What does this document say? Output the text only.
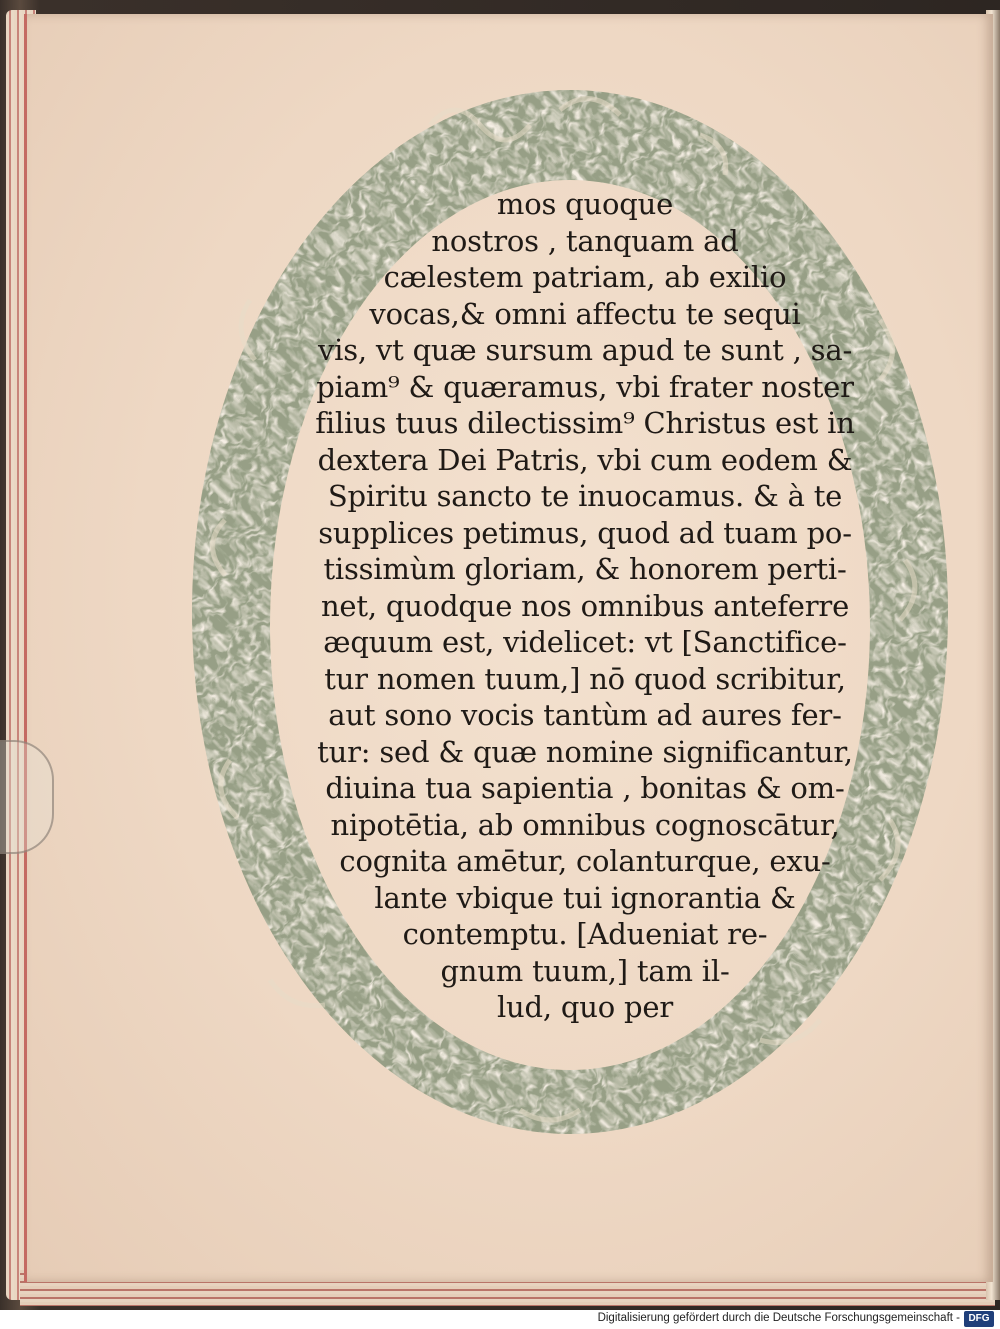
mos quoque
nostros , tanquam ad
cælestem patriam, ab exilio
vocas,& omni affectu te sequi
vis, vt quæ sursum apud te sunt , sa-
piam⁹ & quæramus, vbi frater noster
filius tuus dilectissim⁹ Christus est in
dextera Dei Patris, vbi cum eodem &
Spiritu sancto te inuocamus. & à te
supplices petimus, quod ad tuam po-
tissimùm gloriam, & honorem perti-
net, quodque nos omnibus anteferre
æquum est, videlicet: vt [Sanctifice-
tur nomen tuum,] nō quod scribitur,
aut sono vocis tantùm ad aures fer-
tur: sed & quæ nomine significantur,
diuina tua sapientia , bonitas & om-
nipotētia, ab omnibus cognoscātur,
cognita amētur, colanturque, exu-
lante vbique tui ignorantia &
contemptu. [Adueniat re-
gnum tuum,] tam il-
lud, quo per
Digitalisierung gefördert durch die Deutsche Forschungsgemeinschaft - DFG
